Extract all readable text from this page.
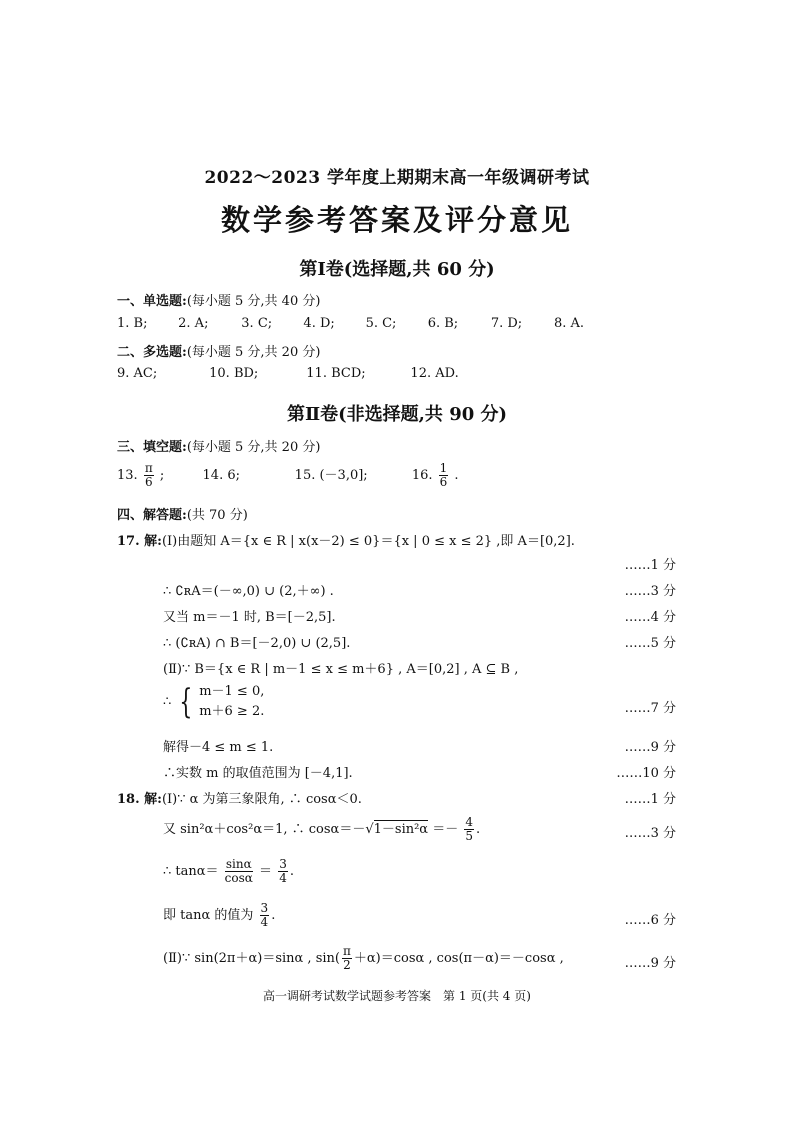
2022～2023 学年度上期期末高一年级调研考试
数学参考答案及评分意见
第Ⅰ卷(选择题,共 60 分)
一、单选题:(每小题 5 分,共 40 分)
1. B; 2. A;	3. C; 4. D; 5. C; 6. B;	7. D; 8. A.
二、多选题:(每小题 5 分,共 20 分)
9. AC;	10. BD;	11. BCD;	12. AD.
第Ⅱ卷(非选择题,共 90 分)
三、填空题:(每小题 5 分,共 20 分)
13. $\frac{\pi}{6}$ ;	14. 6;	15. (－3,0];	16. $\frac{1}{6}$ .
四、解答题:(共 70 分)
17. 解:(Ⅰ)由题知 A＝{x ∈ R | x(x－2) ≤ 0}＝{x | 0 ≤ x ≤ 2} ,即 A＝[0,2].
……1 分
∴ ∁ʀA＝(－∞,0) ∪ (2,＋∞) .	……3 分
又当 m＝－1 时, B＝[－2,5].	……4 分
∴ (∁ʀA) ∩ B＝[－2,0) ∪ (2,5].	……5 分
(Ⅱ)∵ B＝{x ∈ R | m－1 ≤ x ≤ m＋6} , A＝[0,2] , A ⊆ B ,
∴ { m－1 ≤ 0,
m＋6 ≥ 2.	……7 分
解得－4 ≤ m ≤ 1.	……9 分
∴实数 m 的取值范围为 [－4,1].	……10 分
18. 解:(Ⅰ)∵ α 为第三象限角, ∴ cosα＜0.	……1 分
又 sin²α＋cos²α＝1, ∴ $\cos\alpha=-√1-\sin^2\alpha =- \frac{4}{5}$ .	……3 分
∴ $\tan\alpha= \frac{\sin\alpha}{\cos\alpha} = \frac{3}{4}$ .
即 tanα 的值为 $\frac{3}{4}$ .	……6 分
(Ⅱ)∵ sin(2π＋α)＝sinα , $\sin( \frac{\pi}{2} +\alpha)=\cos\alpha$ , cos(π－α)＝－cosα ,	……9 分
高一调研考试数学试题参考答案　第 1 页(共 4 页)
